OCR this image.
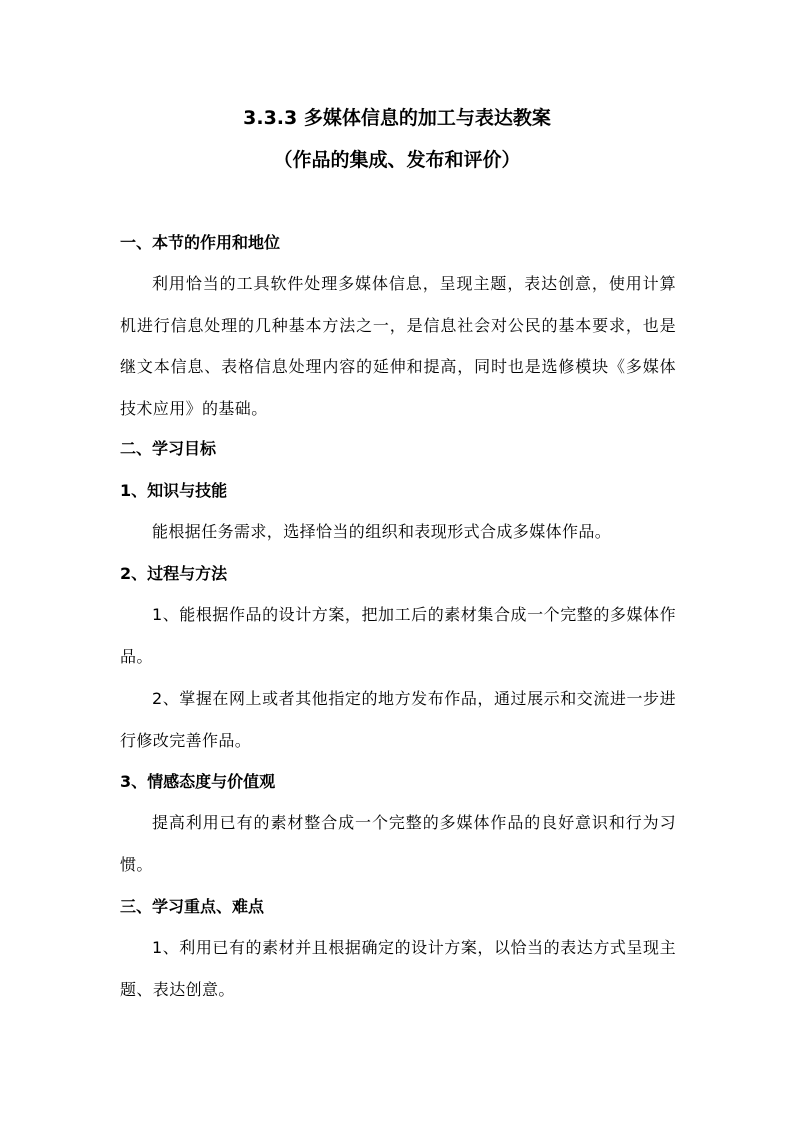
3.3.3 多媒体信息的加工与表达教案
（作品的集成、发布和评价）
一、本节的作用和地位
利用恰当的工具软件处理多媒体信息，呈现主题，表达创意，使用计算机进行信息处理的几种基本方法之一，是信息社会对公民的基本要求，也是继文本信息、表格信息处理内容的延伸和提高，同时也是选修模块《多媒体技术应用》的基础。
二、学习目标
1、知识与技能
能根据任务需求，选择恰当的组织和表现形式合成多媒体作品。
2、过程与方法
1、能根据作品的设计方案，把加工后的素材集合成一个完整的多媒体作品。
2、掌握在网上或者其他指定的地方发布作品，通过展示和交流进一步进行修改完善作品。
3、情感态度与价值观
提高利用已有的素材整合成一个完整的多媒体作品的良好意识和行为习惯。
三、学习重点、难点
1、利用已有的素材并且根据确定的设计方案，以恰当的表达方式呈现主题、表达创意。
